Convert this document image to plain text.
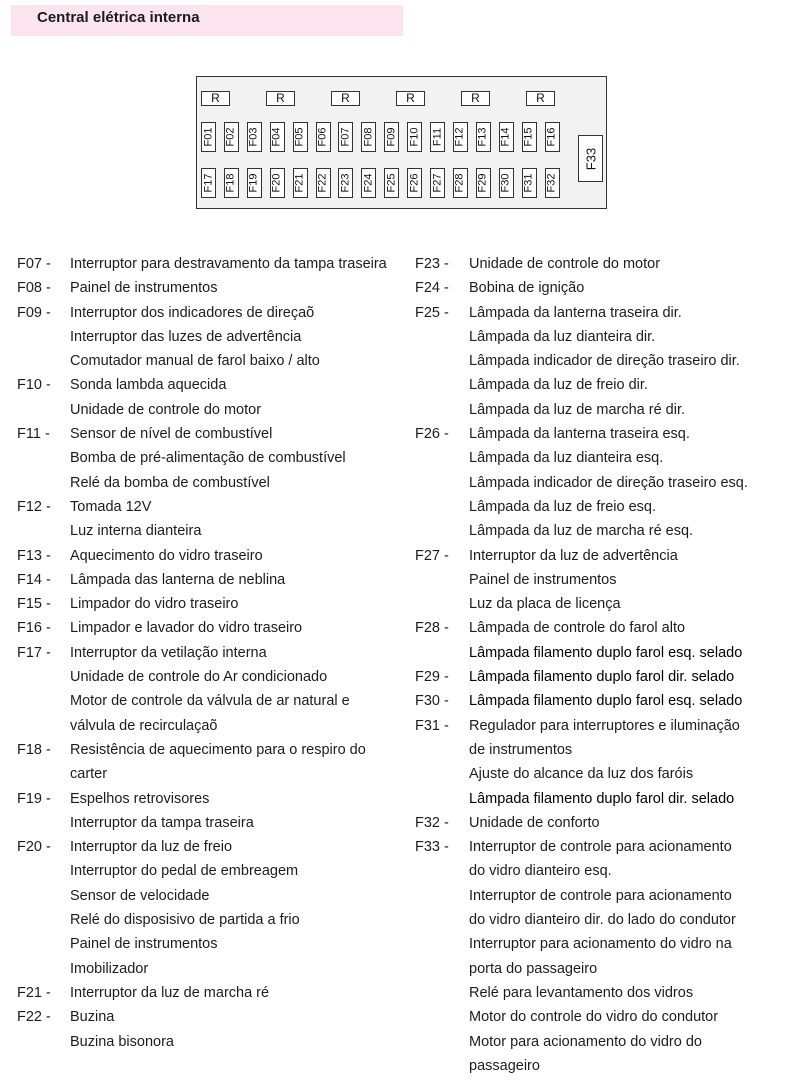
Central elétrica interna
R	R	R	R	R	R
F01 F02 F03 F04 F05 F06 F07 F08 F09 F10 F11 F12 F13 F14 F15 F16
F17 F18 F19 F20 F21 F22 F23 F24 F25 F26 F27 F28 F29 F30 F31 F32
F33
F07 -	Interruptor para destravamento da tampa traseira
F08 -	Painel de instrumentos
F09 -	Interruptor dos indicadores de direçaõ
Interruptor das luzes de advertência
Comutador manual de farol baixo / alto
F10 -	Sonda lambda aquecida
Unidade de controle do motor
F11 -	Sensor de nível de combustível
Bomba de pré-alimentação de combustível
Relé da bomba de combustível
F12 -	Tomada 12V
Luz interna dianteira
F13 -	Aquecimento do vidro traseiro
F14 -	Lâmpada das lanterna de neblina
F15 -	Limpador do vidro traseiro
F16 -	Limpador e lavador do vidro traseiro
F17 -	Interruptor da vetilação interna
Unidade de controle do Ar condicionado
Motor de controle da válvula de ar natural e válvula de recirculaçaõ
F18 -	Resistência de aquecimento para o respiro do carter
F19 -	Espelhos retrovisores
Interruptor da tampa traseira
F20 -	Interruptor da luz de freio
Interruptor do pedal de embreagem
Sensor de velocidade
Relé do disposisivo de partida a frio
Painel de instrumentos
Imobilizador
F21 -	Interruptor da luz de marcha ré
F22 -	Buzina
Buzina bisonora
F23 -	Unidade de controle do motor
F24 -	Bobina de ignição
F25 -	Lâmpada da lanterna traseira dir.
Lâmpada da luz dianteira dir.
Lâmpada indicador de direção traseiro dir.
Lâmpada da luz de freio dir.
Lâmpada da luz de marcha ré dir.
F26 -	Lâmpada da lanterna traseira esq.
Lâmpada da luz dianteira esq.
Lâmpada indicador de direção traseiro esq.
Lâmpada da luz de freio esq.
Lâmpada da luz de marcha ré esq.
F27 -	Interruptor da luz de advertência
Painel de instrumentos
Luz da placa de licença
F28 -	Lâmpada de controle do farol alto
Lâmpada filamento duplo farol esq. selado
F29 -	Lâmpada filamento duplo farol dir. selado
F30 -	Lâmpada filamento duplo farol esq. selado
F31 -	Regulador para interruptores e iluminação
de instrumentos
Ajuste do alcance da luz dos faróis
Lâmpada filamento duplo farol dir. selado
F32 -	Unidade de conforto
F33 -	Interruptor de controle para acionamento
do vidro dianteiro esq.
Interruptor de controle para acionamento
do vidro dianteiro dir. do lado do condutor
Interruptor para acionamento do vidro na
porta do passageiro
Relé para levantamento dos vidros
Motor do controle do vidro do condutor
Motor para acionamento do vidro do
passageiro
